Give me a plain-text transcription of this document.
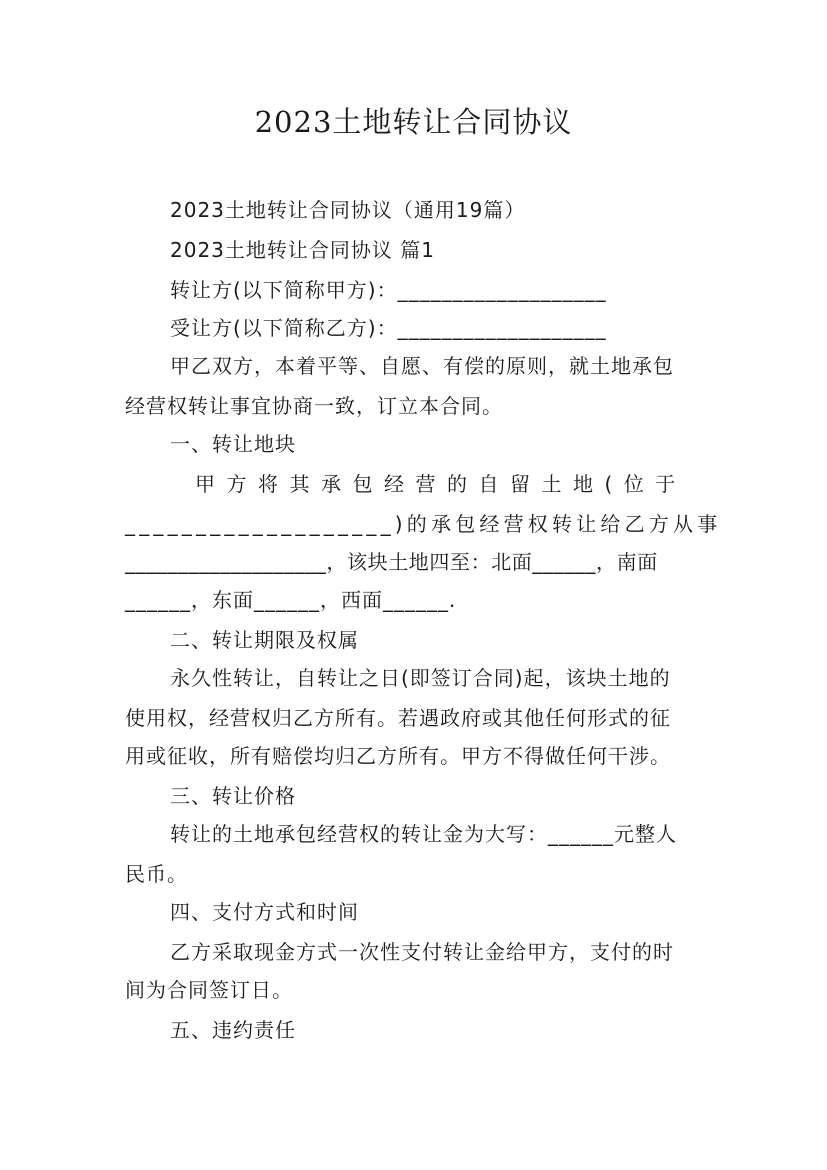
2023土地转让合同协议
2023土地转让合同协议（通用19篇）
2023土地转让合同协议 篇1
转让方(以下简称甲方)：___________________
受让方(以下简称乙方)：___________________
甲乙双方，本着平等、自愿、有偿的原则，就土地承包
经营权转让事宜协商一致，订立本合同。
一、转让地块
甲方将其承包经营的自留土地(位于
___________________)的承包经营权转让给乙方从事
___________________，该块土地四至：北面______，南面
______，东面______，西面______.
二、转让期限及权属
永久性转让，自转让之日(即签订合同)起，该块土地的
使用权，经营权归乙方所有。若遇政府或其他任何形式的征
用或征收，所有赔偿均归乙方所有。甲方不得做任何干涉。
三、转让价格
转让的土地承包经营权的转让金为大写：______元整人
民币。
四、支付方式和时间
乙方采取现金方式一次性支付转让金给甲方，支付的时
间为合同签订日。
五、违约责任
